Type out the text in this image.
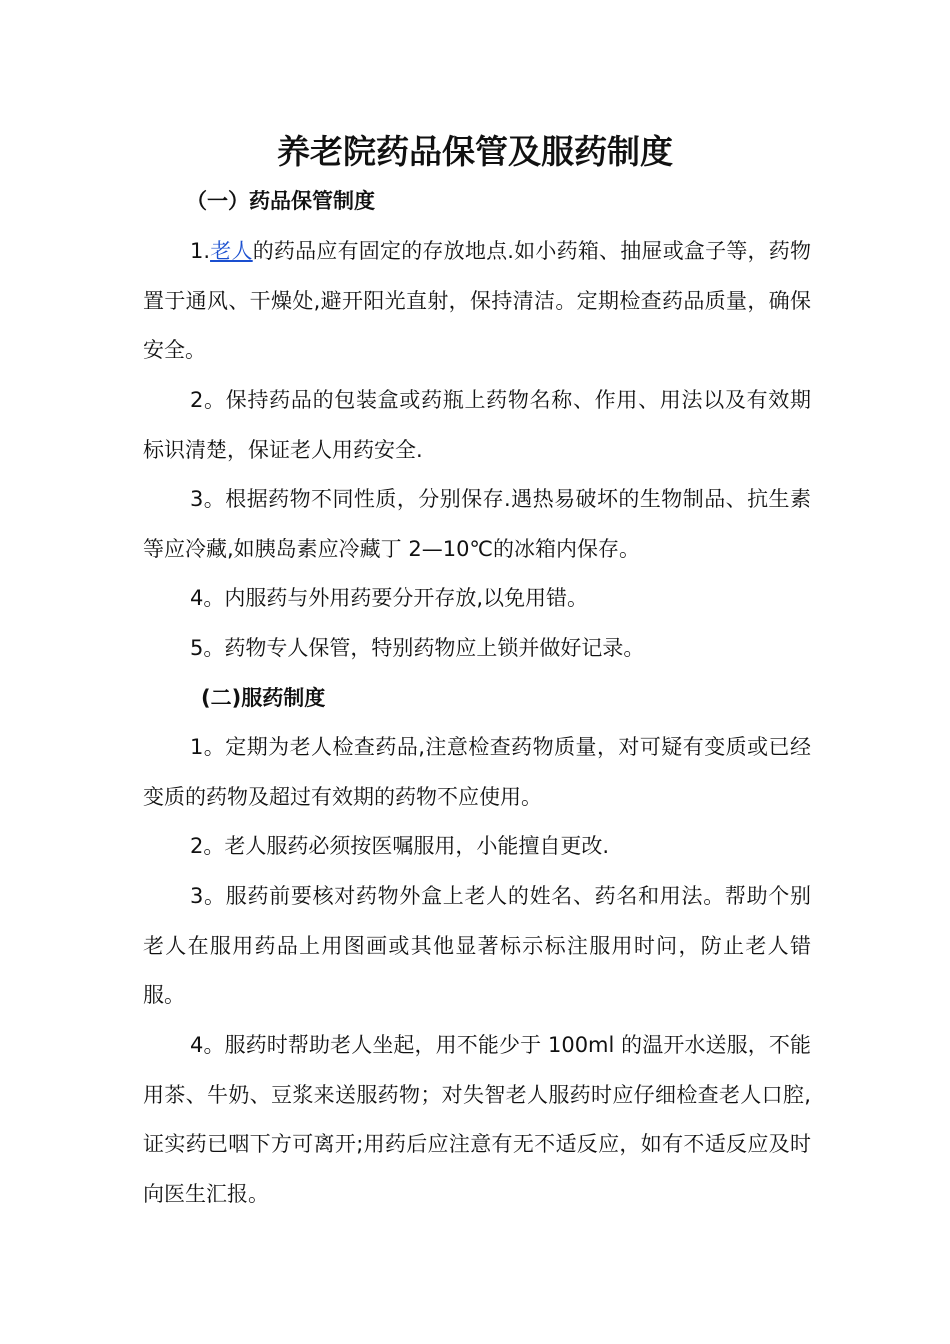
养老院药品保管及服药制度
（一）药品保管制度

1.老人的药品应有固定的存放地点.如小药箱、抽屉或盒子等，药物置于通风、干燥处,避开阳光直射，保持清洁。定期检查药品质量，确保安全。

2。保持药品的包装盒或药瓶上药物名称、作用、用法以及有效期标识清楚，保证老人用药安全.

3。根据药物不同性质，分别保存.遇热易破坏的生物制品、抗生素等应冷藏,如胰岛素应冷藏丁 2—10℃的冰箱内保存。

4。内服药与外用药要分开存放,以免用错。

5。药物专人保管，特别药物应上锁并做好记录。

(二)服药制度

1。定期为老人检查药品,注意检查药物质量，对可疑有变质或已经变质的药物及超过有效期的药物不应使用。

2。老人服药必须按医嘱服用，小能擅自更改.

3。服药前要核对药物外盒上老人的姓名、药名和用法。帮助个别老人在服用药品上用图画或其他显著标示标注服用时问，防止老人错服。

4。服药时帮助老人坐起，用不能少于 100ml 的温开水送服，不能用茶、牛奶、豆浆来送服药物；对失智老人服药时应仔细检查老人口腔,证实药已咽下方可离开;用药后应注意有无不适反应，如有不适反应及时向医生汇报。
